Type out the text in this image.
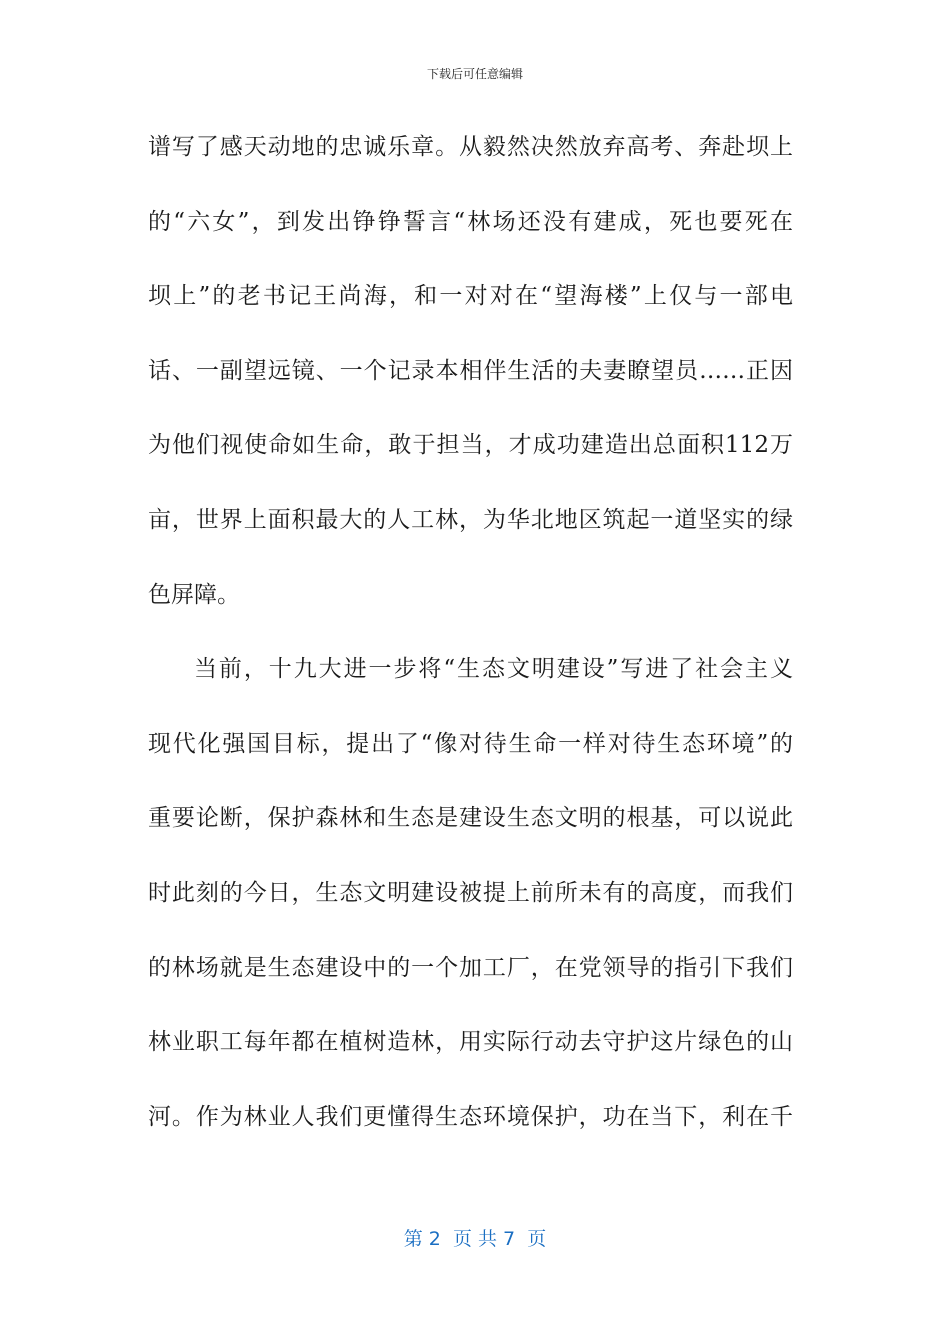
下载后可任意编辑
谱写了感天动地的忠诚乐章。从毅然决然放弃高考、奔赴坝上
的“六女”，到发出铮铮誓言“林场还没有建成，死也要死在
坝上”的老书记王尚海，和一对对在“望海楼”上仅与一部电
话、一副望远镜、一个记录本相伴生活的夫妻瞭望员……正因
为他们视使命如生命，敢于担当，才成功建造出总面积112万
亩，世界上面积最大的人工林，为华北地区筑起一道坚实的绿
色屏障。
当前，十九大进一步将“生态文明建设”写进了社会主义
现代化强国目标，提出了“像对待生命一样对待生态环境”的
重要论断，保护森林和生态是建设生态文明的根基，可以说此
时此刻的今日，生态文明建设被提上前所未有的高度，而我们
的林场就是生态建设中的一个加工厂，在党领导的指引下我们
林业职工每年都在植树造林，用实际行动去守护这片绿色的山
河。作为林业人我们更懂得生态环境保护，功在当下，利在千
第 2  页 共 7  页
